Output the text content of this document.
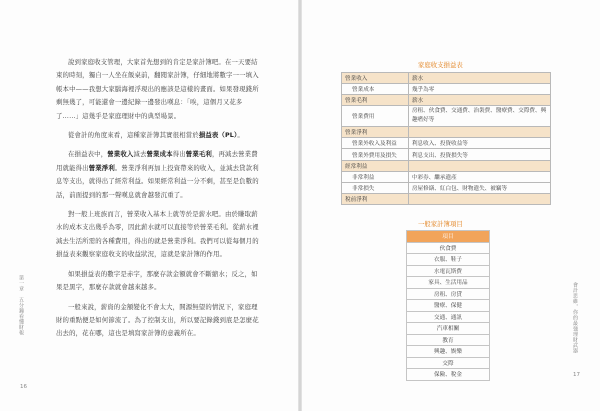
說到家庭收支管理，大家首先想到的肯定是家計簿吧。在一天要結束的時刻，獨自一人坐在飯桌前，翻閱家計簿，仔細地將數字一一填入帳本中——我想大家腦海裡浮現出的應該是這樣的畫面。如果發現錢所剩無幾了，可能還會一邊紀錄一邊發出嘆息：「唉，這個月又花多了……」這幾乎是家庭理財中的典型場景。

從會計的角度來看，這種家計簿其實很相當於損益表（PL）。

在損益表中，營業收入減去營業成本得出營業毛利，再減去營業費用就能得出營業淨利。營業淨利再加上投資帶來的收入，並減去貸款利息等支出，就得出了經常利益。如果經常利益一分不剩，甚至是負數的話，前面提到的那一聲嘆息就會越發沉重了。

對一般上班族而言，營業收入基本上就等於是薪水吧。由於賺取薪水的成本支出幾乎為零，因此薪水就可以直接等於營業毛利。從薪水裡減去生活所需的各種費用，得出的就是營業淨利。我們可以從每個月的損益表來觀察家庭收支的收益狀況，這就是家計簿的作用。

如果損益表的數字是赤字，那麼存款金額就會不斷縮水；反之，如果是黑字，那麼存款就會越來越多。

一般來說，薪資的金額變化不會太大，開源無望的情況下，家庭理財的重點便是如何節流了。為了控制支出，所以要記錄錢到底是怎麼花出去的，花在哪，這也是填寫家計簿的意義所在。

第一章　五分鐘看懂財報
16
會計思維，你的最強理財武器
17
家庭收支損益表
營業收入	薪水
營業成本	幾乎為零
營業毛利	薪水
營業費用	房租、伙食費、交通費、治裝費、醫療費、交際費、興趣嗜好等
營業淨利	
營業外收入及利益	利息收入、投資收益等
營業外費用及損失	利息支出、投資損失等
經常利益	
非常利益	中彩券、繼承遺產
非常損失	房屋修繕、紅白包、財物遺失、被竊等
稅前淨利	
一般家計簿項目
項目
伙食費
衣服、鞋子
水電瓦斯費
家具、生活用品
房租、房貸
醫療、保健
交通、通訊
汽車相關
教育
興趣、娛樂
交際
保險、稅金
